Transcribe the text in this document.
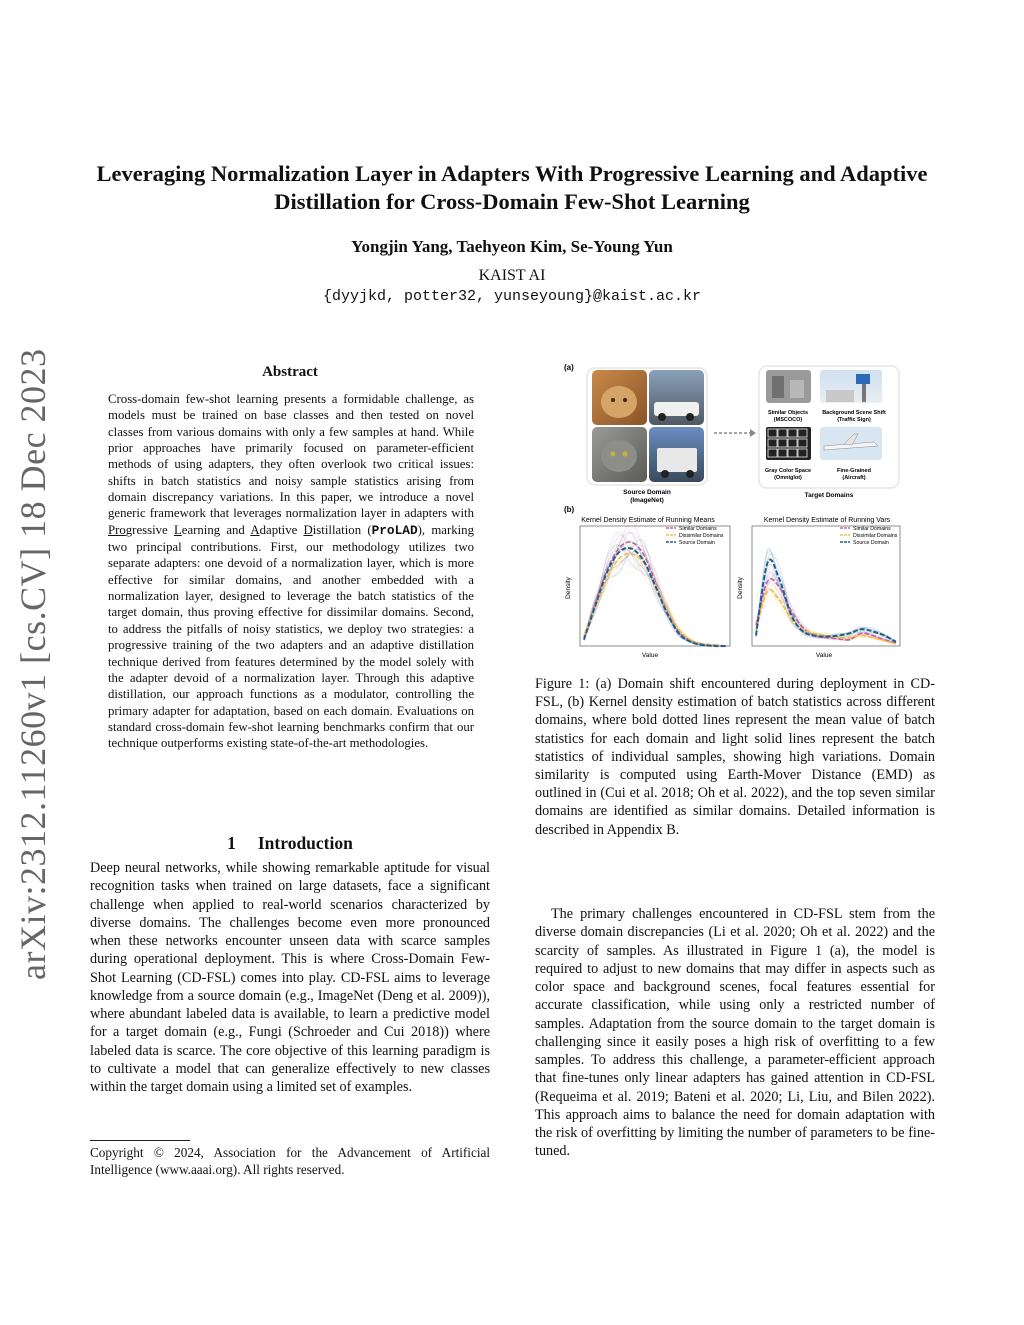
Leveraging Normalization Layer in Adapters With Progressive Learning and Adaptive Distillation for Cross-Domain Few-Shot Learning
Yongjin Yang, Taehyeon Kim, Se-Young Yun
KAIST AI
{dyyjkd, potter32, yunseyoung}@kaist.ac.kr
arXiv:2312.11260v1 [cs.CV] 18 Dec 2023	Abstract
Cross-domain few-shot learning presents a formidable challenge, as models must be trained on base classes and then tested on novel classes from various domains with only a few samples at hand. While prior approaches have primarily focused on parameter-efficient methods of using adapters, they often overlook two critical issues: shifts in batch statistics and noisy sample statistics arising from domain discrepancy variations. In this paper, we introduce a novel generic framework that leverages normalization layer in adapters with Progressive Learning and Adaptive Distillation (ProLAD), marking two principal contributions. First, our methodology utilizes two separate adapters: one devoid of a normalization layer, which is more effective for similar domains, and another embedded with a normalization layer, designed to leverage the batch statistics of the target domain, thus proving effective for dissimilar domains. Second, to address the pitfalls of noisy statistics, we deploy two strategies: a progressive training of the two adapters and an adaptive distillation technique derived from features determined by the model solely with the adapter devoid of a normalization layer. Through this adaptive distillation, our approach functions as a modulator, controlling the primary adapter for adaptation, based on each domain. Evaluations on standard cross-domain few-shot learning benchmarks confirm that our technique outperforms existing state-of-the-art methodologies.
1 Introduction
Deep neural networks, while showing remarkable aptitude for visual recognition tasks when trained on large datasets, face a significant challenge when applied to real-world scenarios characterized by diverse domains. The challenges become even more pronounced when these networks encounter unseen data with scarce samples during operational deployment. This is where Cross-Domain Few-Shot Learning (CD-FSL) comes into play. CD-FSL aims to leverage knowledge from a source domain (e.g., ImageNet (Deng et al. 2009)), where abundant labeled data is available, to learn a predictive model for a target domain (e.g., Fungi (Schroeder and Cui 2018)) where labeled data is scarce. The core objective of this learning paradigm is to cultivate a model that can generalize effectively to new classes within the target domain using a limited set of examples.
Copyright © 2024, Association for the Advancement of Artificial Intelligence (www.aaai.org). All rights reserved.
(a)
Source Domain
(ImageNet)
Similar Objects
(MSCOCO)
Background Scene Shift
(Traffic Sign)
Gray Color Space
(Omniglot)
Fine-Grained
(Aircraft)
Target Domains
(b)
Kernel Density Estimate of Running Means
Value
Density
Similar Domains
Dissimilar Domains
Source Domain
Kernel Density Estimate of Running Vars
Value
Density
Similar Domains
Dissimilar Domains
Source Domain
Figure 1: (a) Domain shift encountered during deployment in CD-FSL, (b) Kernel density estimation of batch statistics across different domains, where bold dotted lines represent the mean value of batch statistics for each domain and light solid lines represent the batch statistics of individual samples, showing high variations. Domain similarity is computed using Earth-Mover Distance (EMD) as outlined in (Cui et al. 2018; Oh et al. 2022), and the top seven similar domains are identified as similar domains. Detailed information is described in Appendix B.
The primary challenges encountered in CD-FSL stem from the diverse domain discrepancies (Li et al. 2020; Oh et al. 2022) and the scarcity of samples. As illustrated in Figure 1 (a), the model is required to adjust to new domains that may differ in aspects such as color space and background scenes, focal features essential for accurate classification, while using only a restricted number of samples. Adaptation from the source domain to the target domain is challenging since it easily poses a high risk of overfitting to a few samples. To address this challenge, a parameter-efficient approach that fine-tunes only linear adapters has gained attention in CD-FSL (Requeima et al. 2019; Bateni et al. 2020; Li, Liu, and Bilen 2022). This approach aims to balance the need for domain adaptation with the risk of overfitting by limiting the number of parameters to be fine-tuned.
